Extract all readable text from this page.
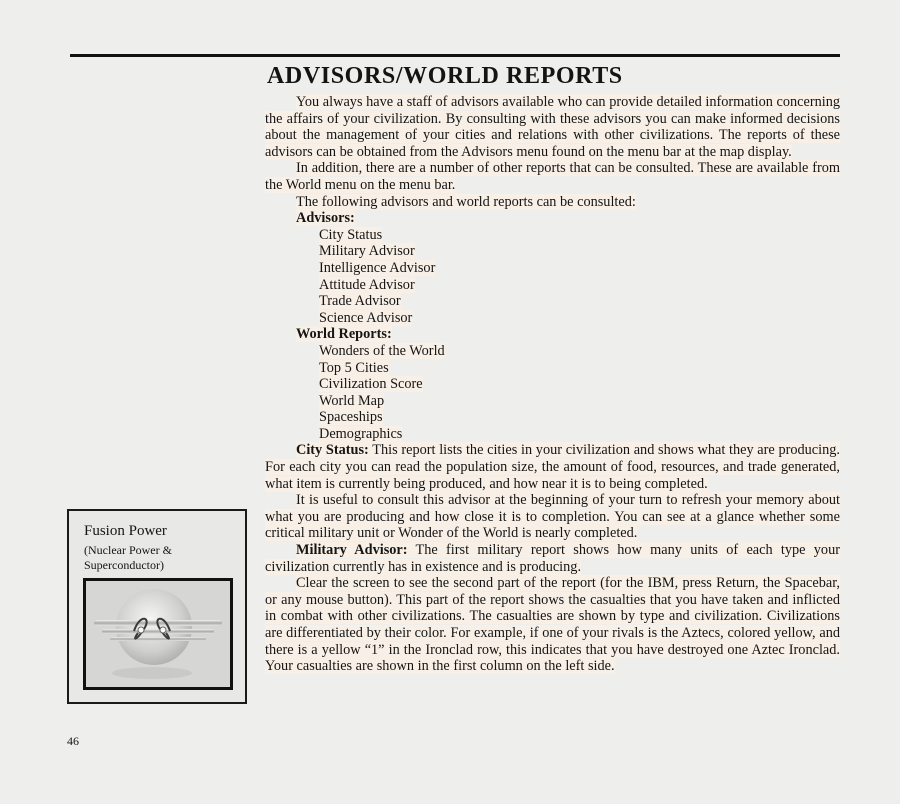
ADVISORS/WORLD REPORTS

You always have a staff of advisors available who can provide detailed information concerning the affairs of your civilization. By consulting with these advisors you can make informed decisions about the management of your cities and relations with other civilizations. The reports of these advisors can be obtained from the Advisors menu found on the menu bar at the map display.

In addition, there are a number of other reports that can be consulted. These are available from the World menu on the menu bar.

The following advisors and world reports can be consulted:

Advisors:

City Status

Military Advisor

Intelligence Advisor

Attitude Advisor

Trade Advisor

Science Advisor

World Reports:

Wonders of the World

Top 5 Cities

Civilization Score

World Map

Spaceships

Demographics

City Status: This report lists the cities in your civilization and shows what they are producing. For each city you can read the population size, the amount of food, resources, and trade generated, what item is currently being produced, and how near it is to being completed.

It is useful to consult this advisor at the beginning of your turn to refresh your memory about what you are producing and how close it is to completion. You can see at a glance whether some critical military unit or Wonder of the World is nearly completed.

Military Advisor: The first military report shows how many units of each type your civilization currently has in existence and is producing.

Clear the screen to see the second part of the report (for the IBM, press Return, the Spacebar, or any mouse button). This part of the report shows the casualties that you have taken and inflicted in combat with other civilizations. The casualties are shown by type and civilization. Civilizations are differentiated by their color. For example, if one of your rivals is the Aztecs, colored yellow, and there is a yellow “1” in the Ironclad row, this indicates that you have destroyed one Aztec Ironclad. Your casualties are shown in the first column on the left side.

Fusion Power
(Nuclear Power &
Superconductor)
46
